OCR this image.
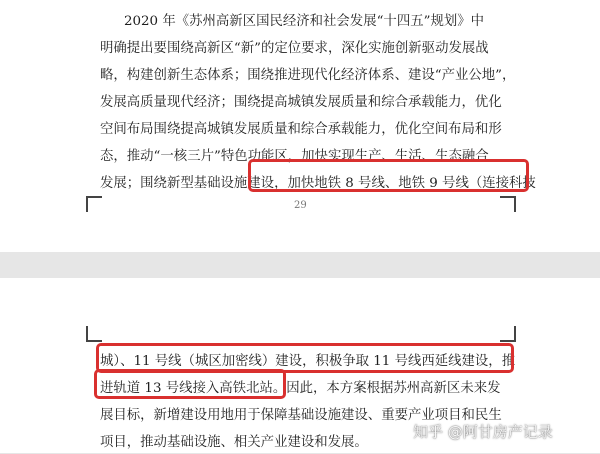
2020 年《苏州高新区国民经济和社会发展“十四五”规划》中
明确提出要围绕高新区“新”的定位要求，深化实施创新驱动发展战
略，构建创新生态体系；围绕推进现代化经济体系、建设“产业公地”，
发展高质量现代经济；围绕提高城镇发展质量和综合承载能力，优化
空间布局围绕提高城镇发展质量和综合承载能力，优化空间布局和形
态，推动“一核三片”特色功能区，加快实现生产、生活、生态融合
发展；围绕新型基础设施建设，加快地铁 8 号线、地铁 9 号线（连接科技
29
城）、11 号线（城区加密线）建设，积极争取 11 号线西延线建设，推
进轨道 13 号线接入高铁北站。因此，本方案根据苏州高新区未来发
展目标，新增建设用地用于保障基础设施建设、重要产业项目和民生
项目，推动基础设施、相关产业建设和发展。
知乎 @阿甘房产记录
